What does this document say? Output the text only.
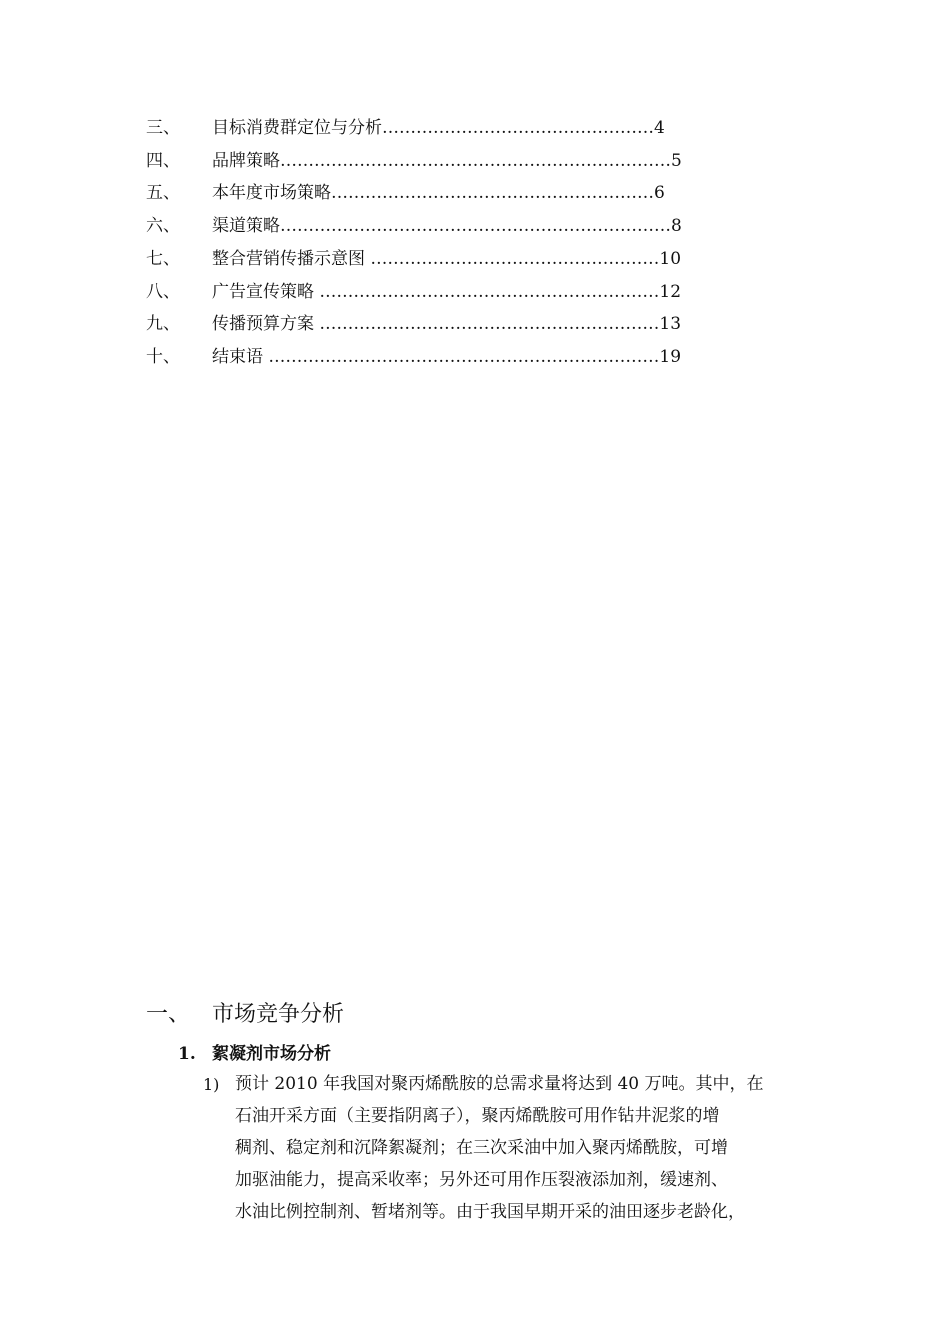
三、 目标消费群定位与分析…………………………………………4
四、 品牌策略……………………………………………………………5
五、 本年度市场策略…………………………………………………6
六、 渠道策略……………………………………………………………8
七、 整合营销传播示意图 ……………………………………………10
八、 广告宣传策略 ……………………………………………………12
九、 传播预算方案 ……………………………………………………13
十、 结束语 ……………………………………………………………19
一、 市场竞争分析
1. 絮凝剂市场分析
1) 预计 2010 年我国对聚丙烯酰胺的总需求量将达到 40 万吨。其中，在
石油开采方面（主要指阴离子），聚丙烯酰胺可用作钻井泥浆的增
稠剂、稳定剂和沉降絮凝剂；在三次采油中加入聚丙烯酰胺，可增
加驱油能力，提高采收率；另外还可用作压裂液添加剂，缓速剂、
水油比例控制剂、暂堵剂等。由于我国早期开采的油田逐步老龄化，
